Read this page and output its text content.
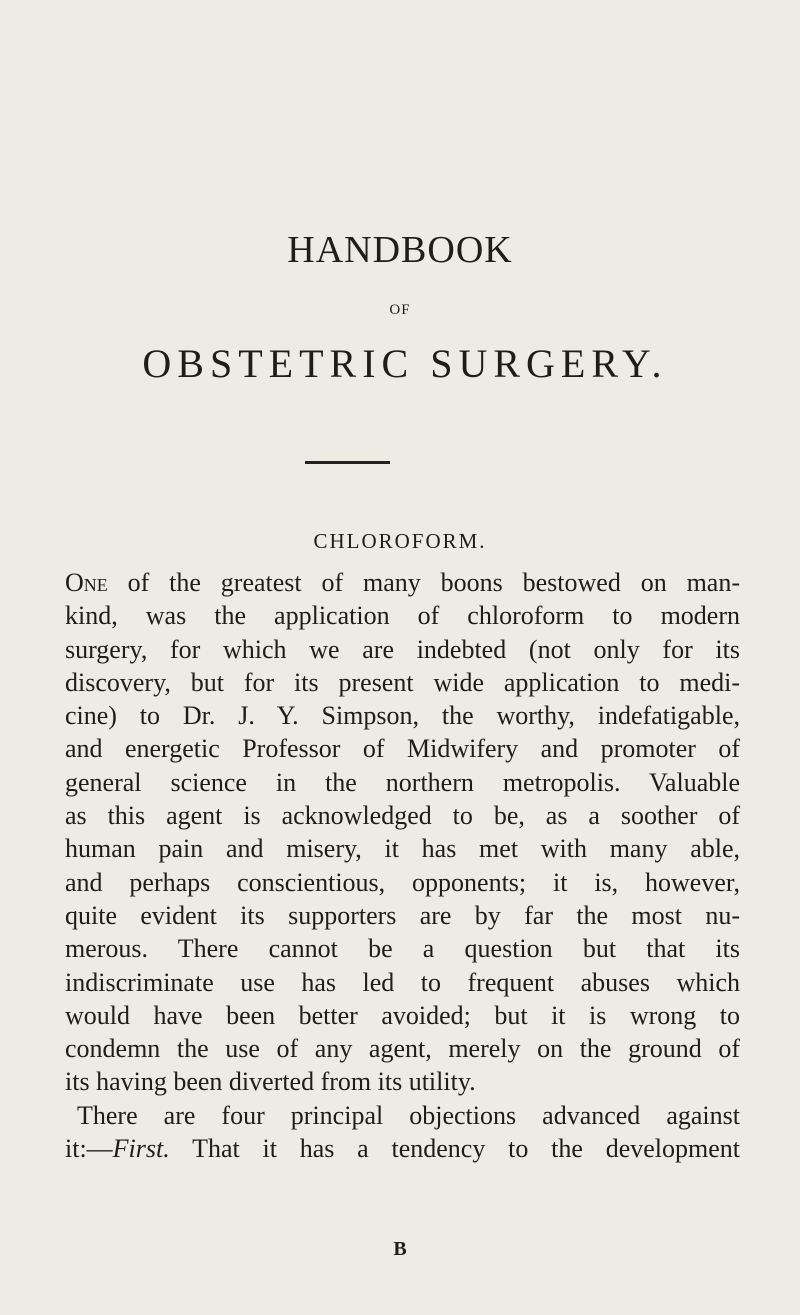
HANDBOOK
OF
OBSTETRIC SURGERY.
CHLOROFORM.
One of the greatest of many boons bestowed on man-
kind, was the application of chloroform to modern
surgery, for which we are indebted (not only for its
discovery, but for its present wide application to medi-
cine) to Dr. J. Y. Simpson, the worthy, indefatigable,
and energetic Professor of Midwifery and promoter of
general science in the northern metropolis. Valuable
as this agent is acknowledged to be, as a soother of
human pain and misery, it has met with many able,
and perhaps conscientious, opponents; it is, however,
quite evident its supporters are by far the most nu-
merous. There cannot be a question but that its
indiscriminate use has led to frequent abuses which
would have been better avoided; but it is wrong to
condemn the use of any agent, merely on the ground of
its having been diverted from its utility.
There are four principal objections advanced against
it:—First. That it has a tendency to the development
B
